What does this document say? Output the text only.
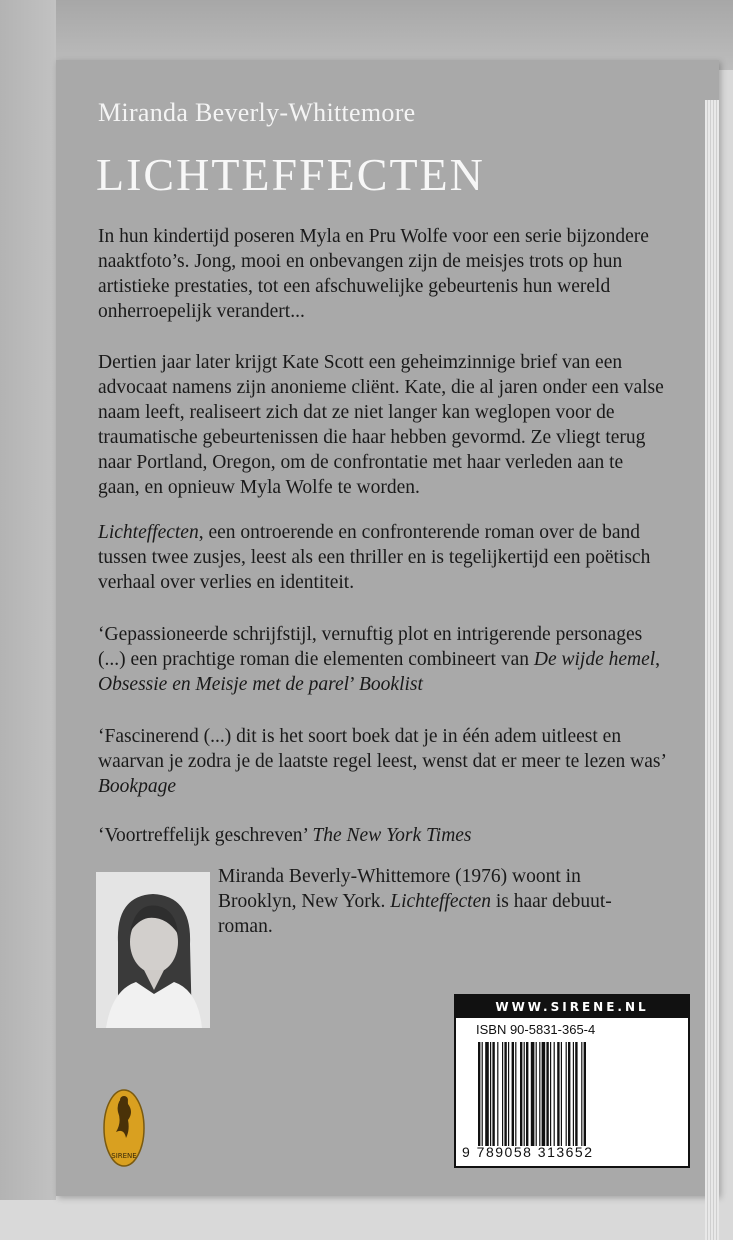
Miranda Beverly-Whittemore
LICHTEFFECTEN
In hun kindertijd poseren Myla en Pru Wolfe voor een serie bijzondere naaktfoto’s. Jong, mooi en onbevangen zijn de meisjes trots op hun artistieke prestaties, tot een afschuwelijke gebeurtenis hun wereld onherroepelijk verandert...
Dertien jaar later krijgt Kate Scott een geheimzinnige brief van een advocaat namens zijn anonieme cliënt. Kate, die al jaren onder een valse naam leeft, realiseert zich dat ze niet langer kan weglopen voor de traumatische gebeurtenissen die haar hebben gevormd. Ze vliegt terug naar Portland, Oregon, om de confrontatie met haar verleden aan te gaan, en opnieuw Myla Wolfe te worden.
Lichteffecten, een ontroerende en confronterende roman over de band tussen twee zusjes, leest als een thriller en is tegelijkertijd een poëtisch verhaal over verlies en identiteit.
‘Gepassioneerde schrijfstijl, vernuftig plot en intrigerende personages (...) een prachtige roman die elementen combineert van De wijde hemel, Obsessie en Meisje met de parel’ Booklist
‘Fascinerend (...) dit is het soort boek dat je in één adem uitleest en waarvan je zodra je de laatste regel leest, wenst dat er meer te lezen was’ Bookpage
‘Voortreffelijk geschreven’ The New York Times
Miranda Beverly-Whittemore (1976) woont in Brooklyn, New York. Lichteffecten is haar debuut-roman.
WWW.SIRENE.NL
ISBN 90-5831-365-4
9 789058 313652
SIRENE
